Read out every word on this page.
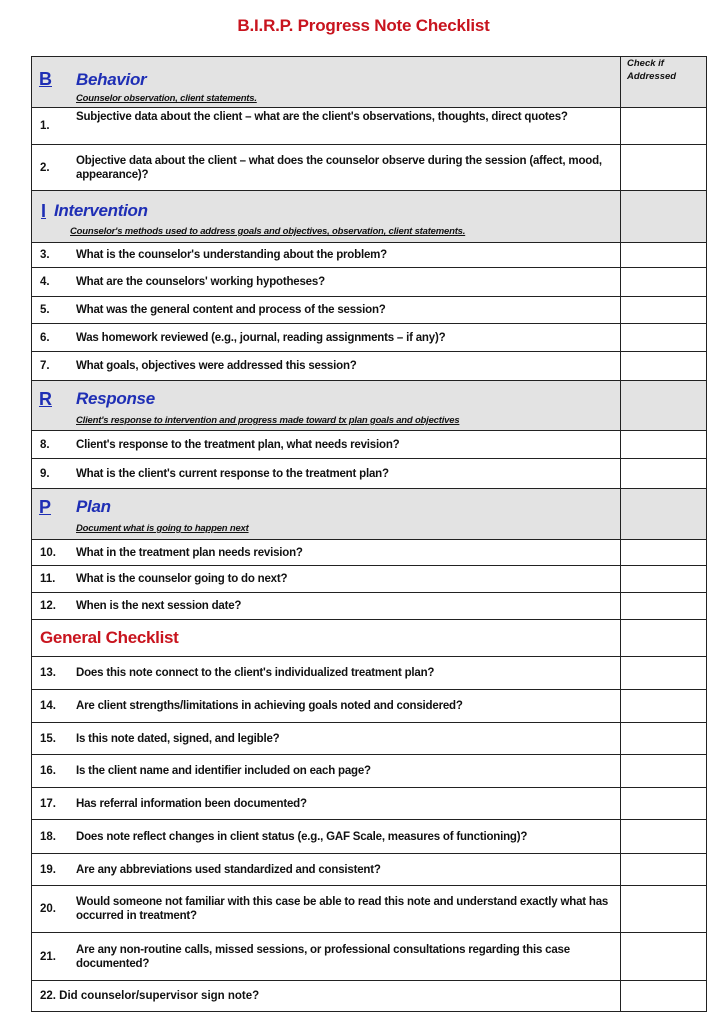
B.I.R.P. Progress Note Checklist
B Behavior
Counselor observation, client statements.	Check if
Addressed

1.
Subjective data about the client – what are the client's observations, thoughts, direct quotes?	

2.
Objective data about the client – what does the counselor observe during the session (affect, mood, appearance)?	

I Intervention
Counselor's methods used to address goals and objectives, observation, client statements.	

3. What is the counselor's understanding about the problem?	

4. What are the counselors' working hypotheses?	

5. What was the general content and process of the session?	

6. Was homework reviewed (e.g., journal, reading assignments – if any)?	

7. What goals, objectives were addressed this session?	

R Response
Client's response to intervention and progress made toward tx plan goals and objectives	

8. Client's response to the treatment plan, what needs revision?	

9. What is the client's current response to the treatment plan?	

P Plan
Document what is going to happen next	

10. What in the treatment plan needs revision?	

11. What is the counselor going to do next?	

12. When is the next session date?	

General Checklist	

13. Does this note connect to the client's individualized treatment plan?	

14. Are client strengths/limitations in achieving goals noted and considered?	

15. Is this note dated, signed, and legible?	

16. Is the client name and identifier included on each page?	

17. Has referral information been documented?	

18. Does note reflect changes in client status (e.g., GAF Scale, measures of functioning)?	

19. Are any abbreviations used standardized and consistent?	

20.
Would someone not familiar with this case be able to read this note and understand exactly what has occurred in treatment?	

21.
Are any non-routine calls, missed sessions, or professional consultations regarding this case documented?	

22. Did counselor/supervisor sign note?	
